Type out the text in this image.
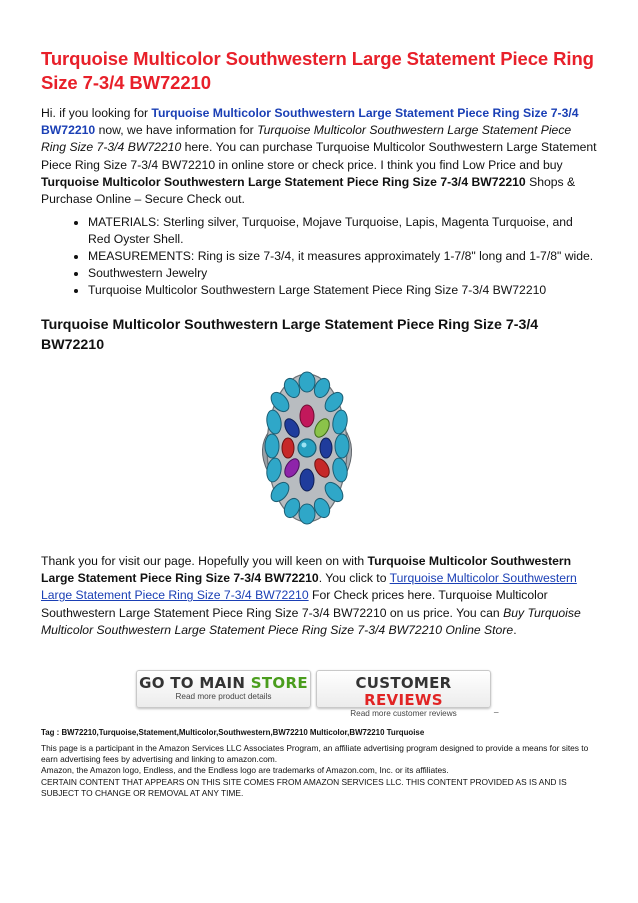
Turquoise Multicolor Southwestern Large Statement Piece Ring Size 7-3/4 BW72210

Hi. if you looking for Turquoise Multicolor Southwestern Large Statement Piece Ring Size 7-3/4 BW72210 now, we have information for Turquoise Multicolor Southwestern Large Statement Piece Ring Size 7-3/4 BW72210 here. You can purchase Turquoise Multicolor Southwestern Large Statement Piece Ring Size 7-3/4 BW72210 in online store or check price. I think you find Low Price and buy Turquoise Multicolor Southwestern Large Statement Piece Ring Size 7-3/4 BW72210 Shops & Purchase Online – Secure Check out.

• MATERIALS: Sterling silver, Turquoise, Mojave Turquoise, Lapis, Magenta Turquoise, and Red Oyster Shell.
• MEASUREMENTS: Ring is size 7-3/4, it measures approximately 1-7/8" long and 1-7/8" wide.
• Southwestern Jewelry
• Turquoise Multicolor Southwestern Large Statement Piece Ring Size 7-3/4 BW72210
Turquoise Multicolor Southwestern Large Statement Piece Ring Size 7-3/4 BW72210

Thank you for visit our page. Hopefully you will keen on with Turquoise Multicolor Southwestern Large Statement Piece Ring Size 7-3/4 BW72210. You click to Turquoise Multicolor Southwestern Large Statement Piece Ring Size 7-3/4 BW72210 For Check prices here. Turquoise Multicolor Southwestern Large Statement Piece Ring Size 7-3/4 BW72210 on us price. You can Buy Turquoise Multicolor Southwestern Large Statement Piece Ring Size 7-3/4 BW72210 Online Store.

GO TO MAIN STORE
Read more product details
CUSTOMER REVIEWS
Read more customer reviews
_

Tag : BW72210,Turquoise,Statement,Multicolor,Southwestern,BW72210 Multicolor,BW72210 Turquoise

This page is a participant in the Amazon Services LLC Associates Program, an affiliate advertising program designed to provide a means for sites to earn advertising fees by advertising and linking to amazon.com.
Amazon, the Amazon logo, Endless, and the Endless logo are trademarks of Amazon.com, Inc. or its affiliates.
CERTAIN CONTENT THAT APPEARS ON THIS SITE COMES FROM AMAZON SERVICES LLC. THIS CONTENT PROVIDED AS IS AND IS SUBJECT TO CHANGE OR REMOVAL AT ANY TIME.
